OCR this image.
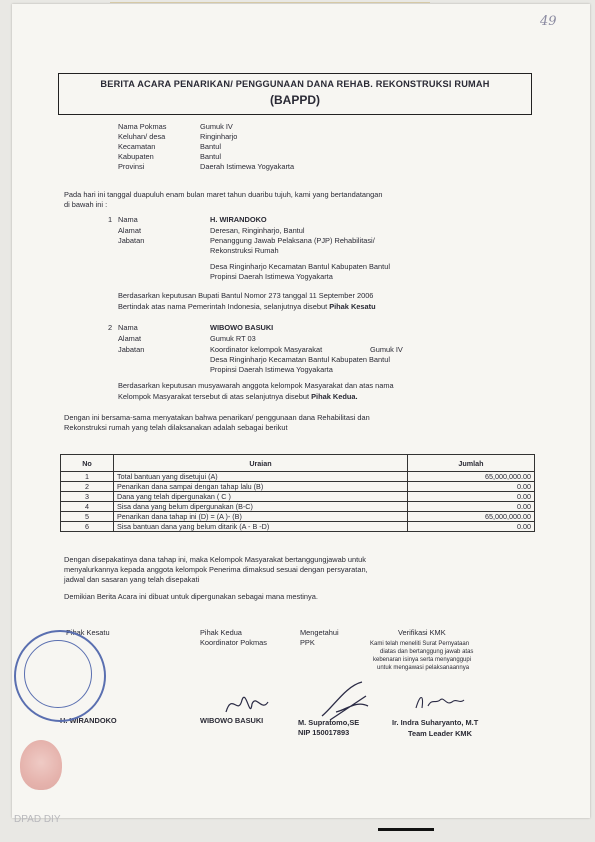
49
BERITA ACARA PENARIKAN/ PENGGUNAAN DANA REHAB. REKONSTRUKSI RUMAH
(BAPPD)
Nama Pokmas	Gumuk IV
Keluhan/ desa	Ringinharjo
Kecamatan	Bantul
Kabupaten	Bantul
Provinsi	Daerah Istimewa Yogyakarta
Pada hari ini tanggal duapuluh enam bulan maret tahun duaribu tujuh, kami yang bertandatangan
di bawah ini :
1 Nama	H. WIRANDOKO
Alamat	Deresan, Ringinharjo, Bantul
Jabatan	Penanggung Jawab Pelaksana (PJP) Rehabilitasi/
Rekonstruksi Rumah
Desa Ringinharjo Kecamatan Bantul Kabupaten Bantul
Propinsi Daerah Istimewa Yogyakarta
Berdasarkan keputusan Bupati Bantul Nomor 273 tanggal 11 September 2006
Bertindak atas nama Pemerintah Indonesia, selanjutnya disebut Pihak Kesatu
2 Nama	WIBOWO BASUKI
Alamat	Gumuk RT 03
Jabatan	Koordinator kelompok Masyarakat	Gumuk IV
Desa Ringinharjo Kecamatan Bantul Kabupaten Bantul
Propinsi Daerah Istimewa Yogyakarta
Berdasarkan keputusan musyawarah anggota kelompok Masyarakat dan atas nama
Kelompok Masyarakat tersebut di atas selanjutnya disebut Pihak Kedua.
Dengan ini bersama-sama menyatakan bahwa penarikan/ penggunaan dana Rehabilitasi dan
Rekonstruksi rumah yang telah dilaksanakan adalah sebagai berikut
No	Uraian	Jumlah
1	Total bantuan yang disetujui (A)	65,000,000.00
2	Penarikan dana sampai dengan tahap lalu (B)	0.00
3	Dana yang telah dipergunakan ( C )	0.00
4	Sisa dana yang belum dipergunakan (B-C)	0.00
5	Penarikan dana tahap ini (D) = (A )- (B)	65,000,000.00
6	Sisa bantuan dana yang belum ditarik (A - B -D)	0.00
Dengan disepakatinya dana tahap ini, maka Kelompok Masyarakat bertanggungjawab untuk
menyalurkannya kepada anggota kelompok Penerima dimaksud sesuai dengan persyaratan,
jadwal dan sasaran yang telah disepakati
Demikian Berita Acara ini dibuat untuk dipergunakan sebagai mana mestinya.
Pihak Kesatu
H. WIRANDOKO
Pihak Kedua
Koordinator Pokmas
WIBOWO BASUKI
Mengetahui
PPK
M. Supratomo,SE
NIP 150017893
Verifikasi KMK
Kami telah meneliti Surat Pernyataan
diatas dan bertanggung jawab atas
kebenaran isinya serta menyanggupi
untuk mengawasi pelaksanaannya
Ir. Indra Suharyanto, M.T
Team Leader KMK
DPAD DIY
